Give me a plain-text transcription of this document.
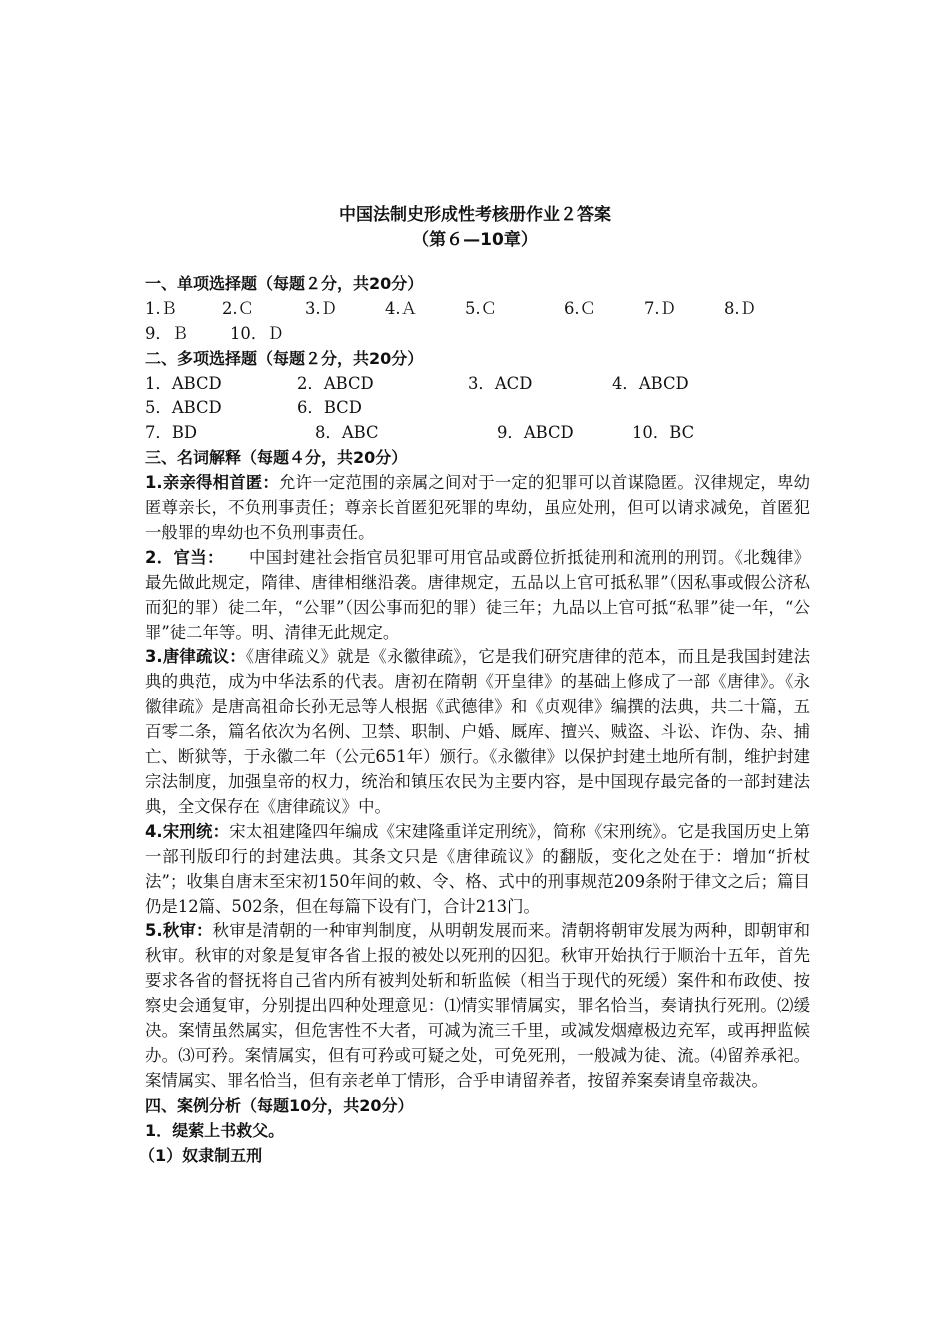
中国法制史形成性考核册作业２答案
（第６—10章）
一、单项选择题（每题２分，共20分）
1.Ｂ	2.Ｃ	3.Ｄ	4.Ａ	5.Ｃ	6.Ｃ	7.Ｄ	8.Ｄ
9．Ｂ	10．Ｄ
二、多项选择题（每题２分，共20分）
1．ABCD	2．ABCD	3．ACD	4．ABCD
5．ABCD	6．BCD
7．BD	8．ABC	9．ABCD	10．BC
三、名词解释（每题４分，共20分）
1.亲亲得相首匿：允许一定范围的亲属之间对于一定的犯罪可以首谋隐匿。汉律规定，卑幼匿尊亲长，不负刑事责任；尊亲长首匿犯死罪的卑幼，虽应处刑，但可以请求减免，首匿犯一般罪的卑幼也不负刑事责任。
2．官当：　　中国封建社会指官员犯罪可用官品或爵位折抵徒刑和流刑的刑罚。《北魏律》最先做此规定，隋律、唐律相继沿袭。唐律规定，五品以上官可抵私罪”（因私事或假公济私而犯的罪）徒二年，“公罪”（因公事而犯的罪）徒三年；九品以上官可抵“私罪”徒一年，“公罪”徒二年等。明、清律无此规定。
3.唐律疏议：《唐律疏义》就是《永徽律疏》，它是我们研究唐律的范本，而且是我国封建法典的典范，成为中华法系的代表。唐初在隋朝《开皇律》的基础上修成了一部《唐律》。《永徽律疏》是唐高祖命长孙无忌等人根据《武德律》和《贞观律》编撰的法典，共二十篇，五百零二条，篇名依次为名例、卫禁、职制、户婚、厩库、擅兴、贼盗、斗讼、诈伪、杂、捕亡、断狱等，于永徽二年（公元651年）颁行。《永徽律》以保护封建土地所有制，维护封建宗法制度，加强皇帝的权力，统治和镇压农民为主要内容，是中国现存最完备的一部封建法典，全文保存在《唐律疏议》中。
4.宋刑统：宋太祖建隆四年编成《宋建隆重详定刑统》，简称《宋刑统》。它是我国历史上第一部刊版印行的封建法典。其条文只是《唐律疏议》的翻版，变化之处在于：增加“折杖法”；收集自唐末至宋初150年间的敕、令、格、式中的刑事规范209条附于律文之后；篇目仍是12篇、502条，但在每篇下设有门，合计213门。
5.秋审：秋审是清朝的一种审判制度，从明朝发展而来。清朝将朝审发展为两种，即朝审和秋审。秋审的对象是复审各省上报的被处以死刑的囚犯。秋审开始执行于顺治十五年，首先要求各省的督抚将自己省内所有被判处斩和斩监候（相当于现代的死缓）案件和布政使、按察史会通复审，分别提出四种处理意见：⑴情实罪情属实，罪名恰当，奏请执行死刑。⑵缓决。案情虽然属实，但危害性不大者，可减为流三千里，或减发烟瘴极边充军，或再押监候办。⑶可矜。案情属实，但有可矜或可疑之处，可免死刑，一般减为徒、流。⑷留养承祀。案情属实、罪名恰当，但有亲老单丁情形，合乎申请留养者，按留养案奏请皇帝裁决。
四、案例分析（每题10分，共20分）
1．缇萦上书救父。
（1）奴隶制五刑
